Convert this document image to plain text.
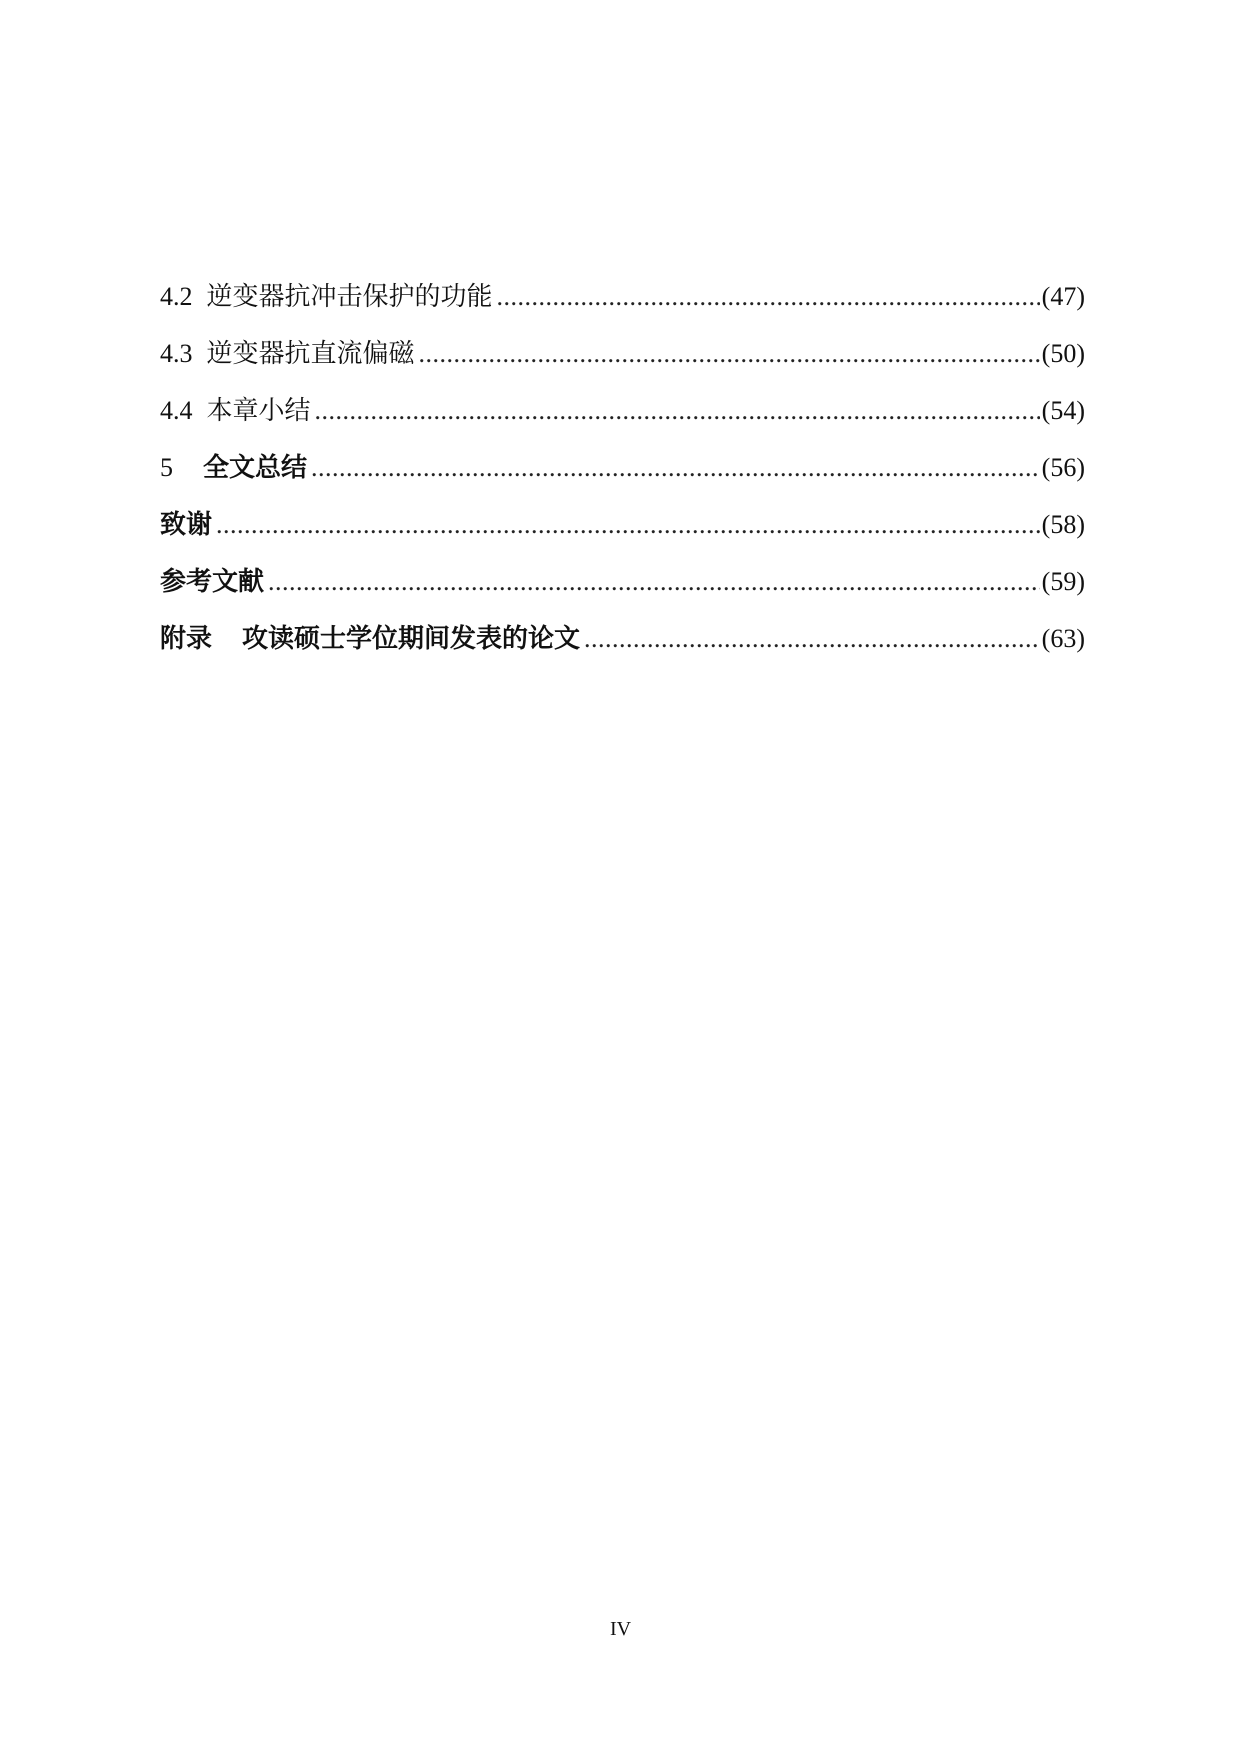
4.2 逆变器抗冲击保护的功能 .....	(47)
4.3 逆变器抗直流偏磁 .....	(50)
4.4 本章小结 .....	(54)
5 全文总结 .....	(56)
致谢 .....	(58)
参考文献 .....	(59)
附录 攻读硕士学位期间发表的论文 .....	(63)
IV
